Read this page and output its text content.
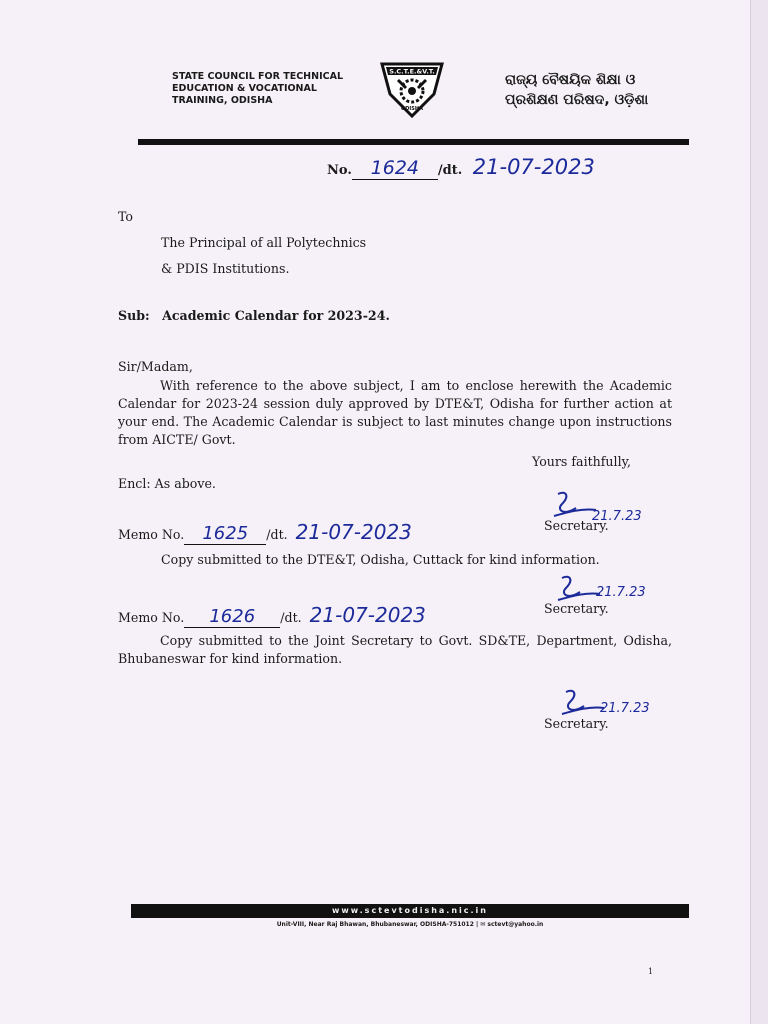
STATE COUNCIL FOR TECHNICAL
EDUCATION & VOCATIONAL
TRAINING, ODISHA
S.C.T.E.&V.T.
ODISHA
ରାଜ୍ୟ ବୈଷୟିକ ଶିକ୍ଷା ଓ
ପ୍ରଶିକ୍ଷଣ ପରିଷଦ, ଓଡ଼ିଶା
No. 1624 /dt. 21-07-2023
To
The Principal of all Polytechnics
& PDIS Institutions.
Sub: Academic Calendar for 2023-24.
Sir/Madam,
With reference to the above subject, I am to enclose herewith the Academic Calendar for 2023-24 session duly approved by DTE&T, Odisha for further action at your end. The Academic Calendar is subject to last minutes change upon instructions from AICTE/ Govt.
Yours faithfully,
Encl: As above.
21.7.23
Secretary.
Memo No. 1625 /dt. 21-07-2023
Copy submitted to the DTE&T, Odisha, Cuttack for kind information.
21.7.23
Secretary.
Memo No. 1626 /dt. 21-07-2023
Copy submitted to the Joint Secretary to Govt. SD&TE, Department, Odisha, Bhubaneswar for kind information.
21.7.23
Secretary.
www.sctevtodisha.nic.in
Unit-VIII, Near Raj Bhawan, Bhubaneswar, ODISHA-751012 | ✉ sctevt@yahoo.in
1
